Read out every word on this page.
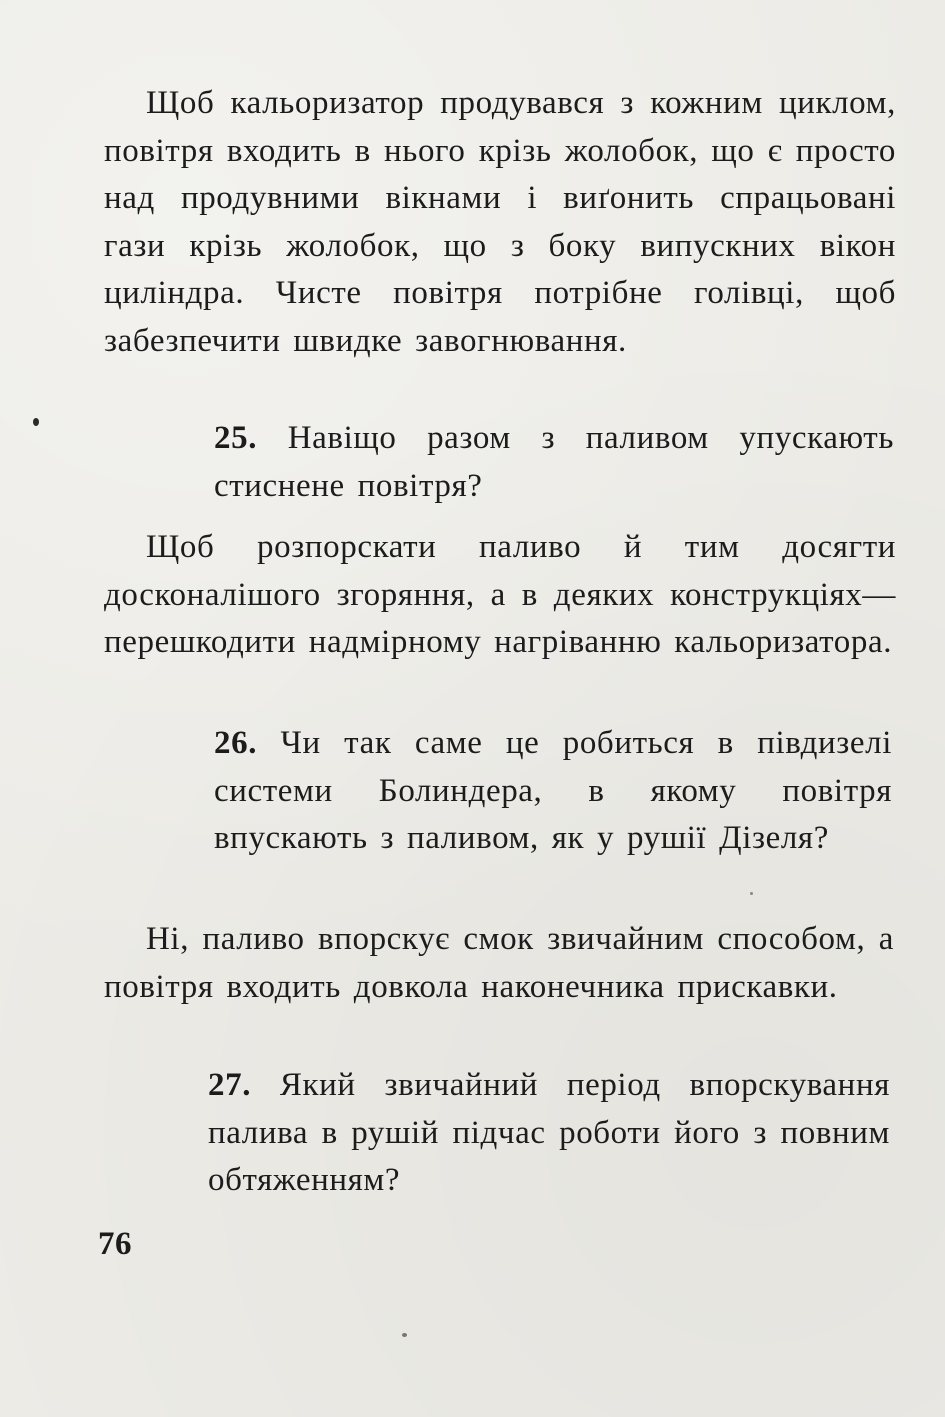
Щоб кальоризатор продувався з кожним циклом, повітря входить в нього крізь жолобок, що є просто над продувними вікнами і виґонить спрацьовані гази крізь жолобок, що з боку випускних вікон циліндра. Чисте повітря потрібне голівці, щоб забезпечити швидке завогнювання.

25. Навіщо разом з паливом упускають стиснене повітря?

Щоб розпорскати паливо й тим досягти досконалішого згоряння, а в деяких конструкціях—перешкодити надмірному нагріванню кальоризатора.

26. Чи так саме це робиться в півдизелі системи Болиндера, в якому повітря впускають з паливом, як у рушії Дізеля?

Ні, паливо впорскує смок звичайним способом, а повітря входить довкола наконечника прискавки.

27. Який звичайний період впорскування палива в рушій підчас роботи його з повним обтяженням?

76
